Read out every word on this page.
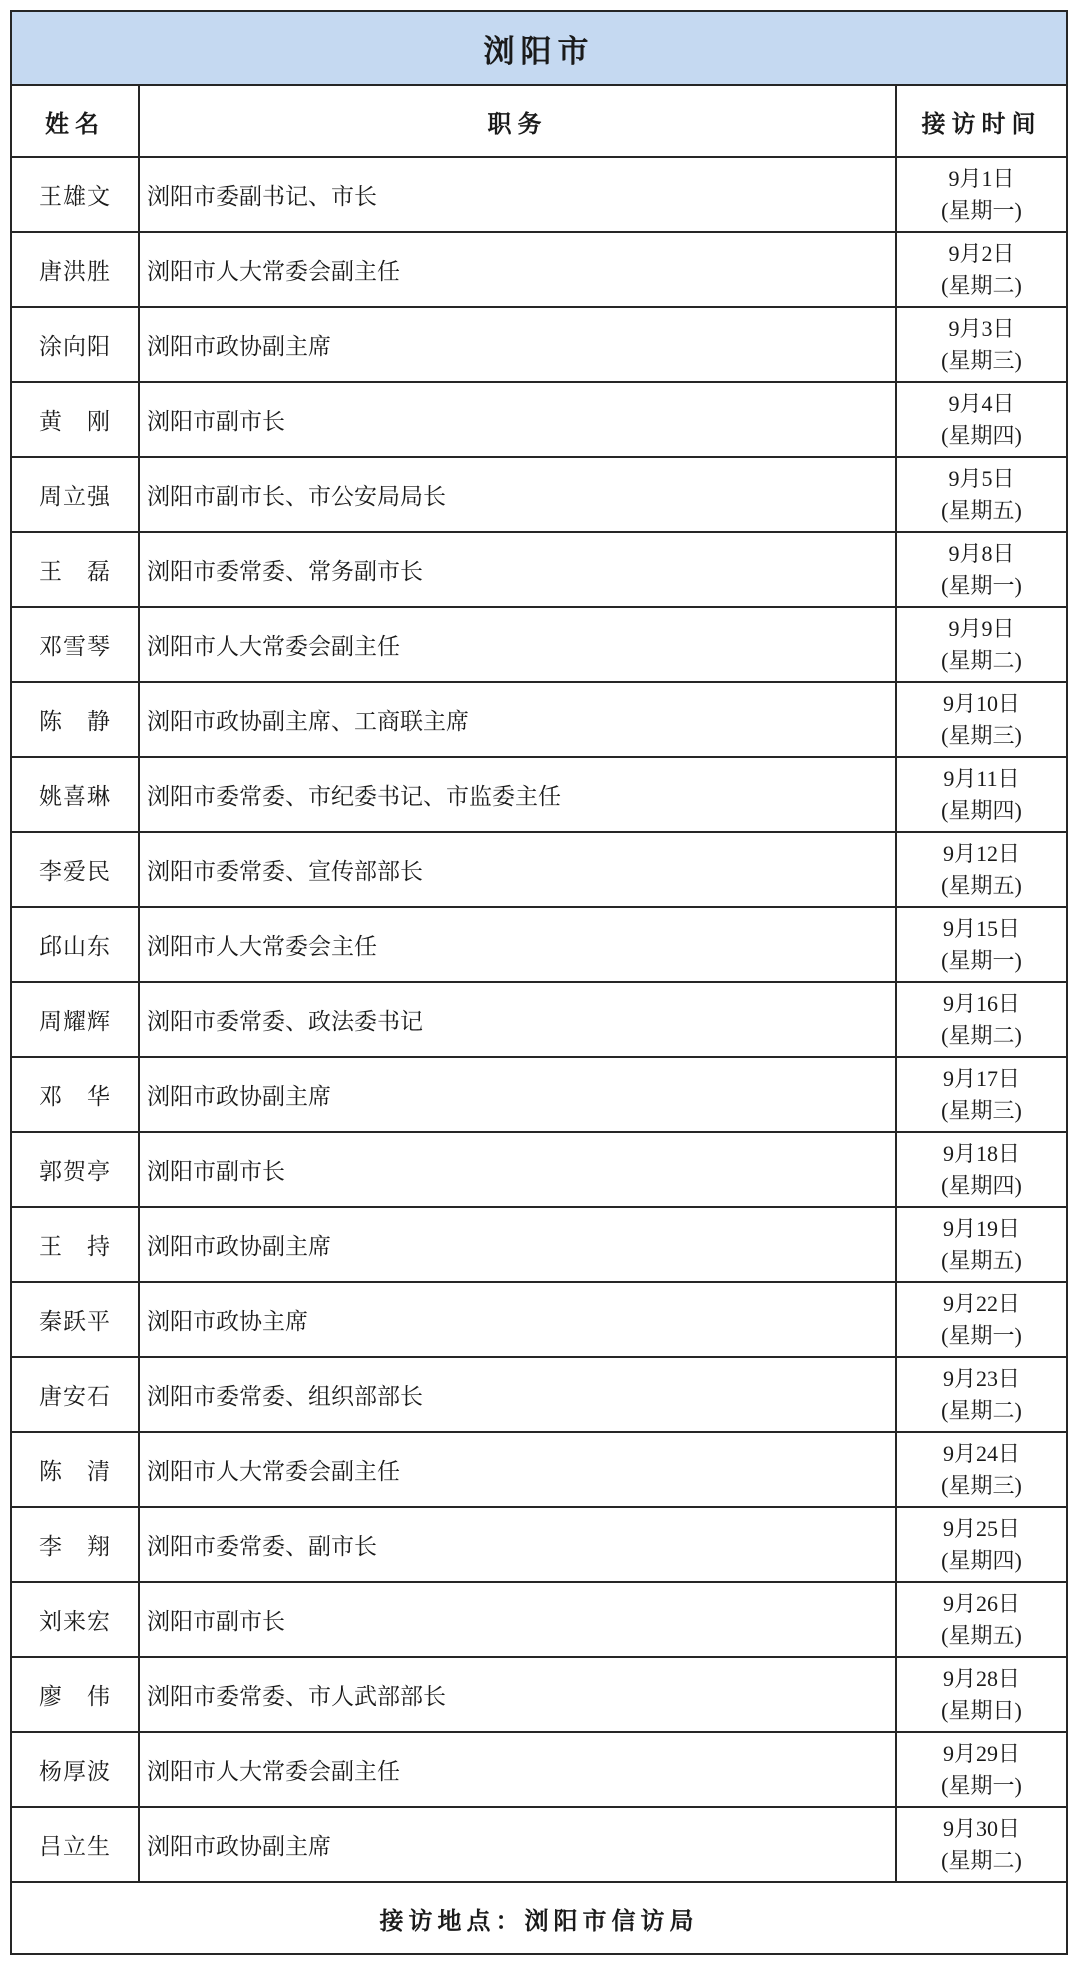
浏阳市		
姓名	职务	接访时间
王雄文	浏阳市委副书记、市长	9月1日
(星期一)

唐洪胜	浏阳市人大常委会副主任	9月2日
(星期二)

涂向阳	浏阳市政协副主席	9月3日
(星期三)

黄　刚	浏阳市副市长	9月4日
(星期四)

周立强	浏阳市副市长、市公安局局长	9月5日
(星期五)

王　磊	浏阳市委常委、常务副市长	9月8日
(星期一)

邓雪琴	浏阳市人大常委会副主任	9月9日
(星期二)

陈　静	浏阳市政协副主席、工商联主席	9月10日
(星期三)

姚喜琳	浏阳市委常委、市纪委书记、市监委主任	9月11日
(星期四)

李爱民	浏阳市委常委、宣传部部长	9月12日
(星期五)

邱山东	浏阳市人大常委会主任	9月15日
(星期一)

周耀辉	浏阳市委常委、政法委书记	9月16日
(星期二)

邓　华	浏阳市政协副主席	9月17日
(星期三)

郭贺亭	浏阳市副市长	9月18日
(星期四)

王　持	浏阳市政协副主席	9月19日
(星期五)

秦跃平	浏阳市政协主席	9月22日
(星期一)

唐安石	浏阳市委常委、组织部部长	9月23日
(星期二)

陈　清	浏阳市人大常委会副主任	9月24日
(星期三)

李　翔	浏阳市委常委、副市长	9月25日
(星期四)

刘来宏	浏阳市副市长	9月26日
(星期五)

廖　伟	浏阳市委常委、市人武部部长	9月28日
(星期日)

杨厚波	浏阳市人大常委会副主任	9月29日
(星期一)

吕立生	浏阳市政协副主席	9月30日
(星期二)

接访地点：浏阳市信访局		
